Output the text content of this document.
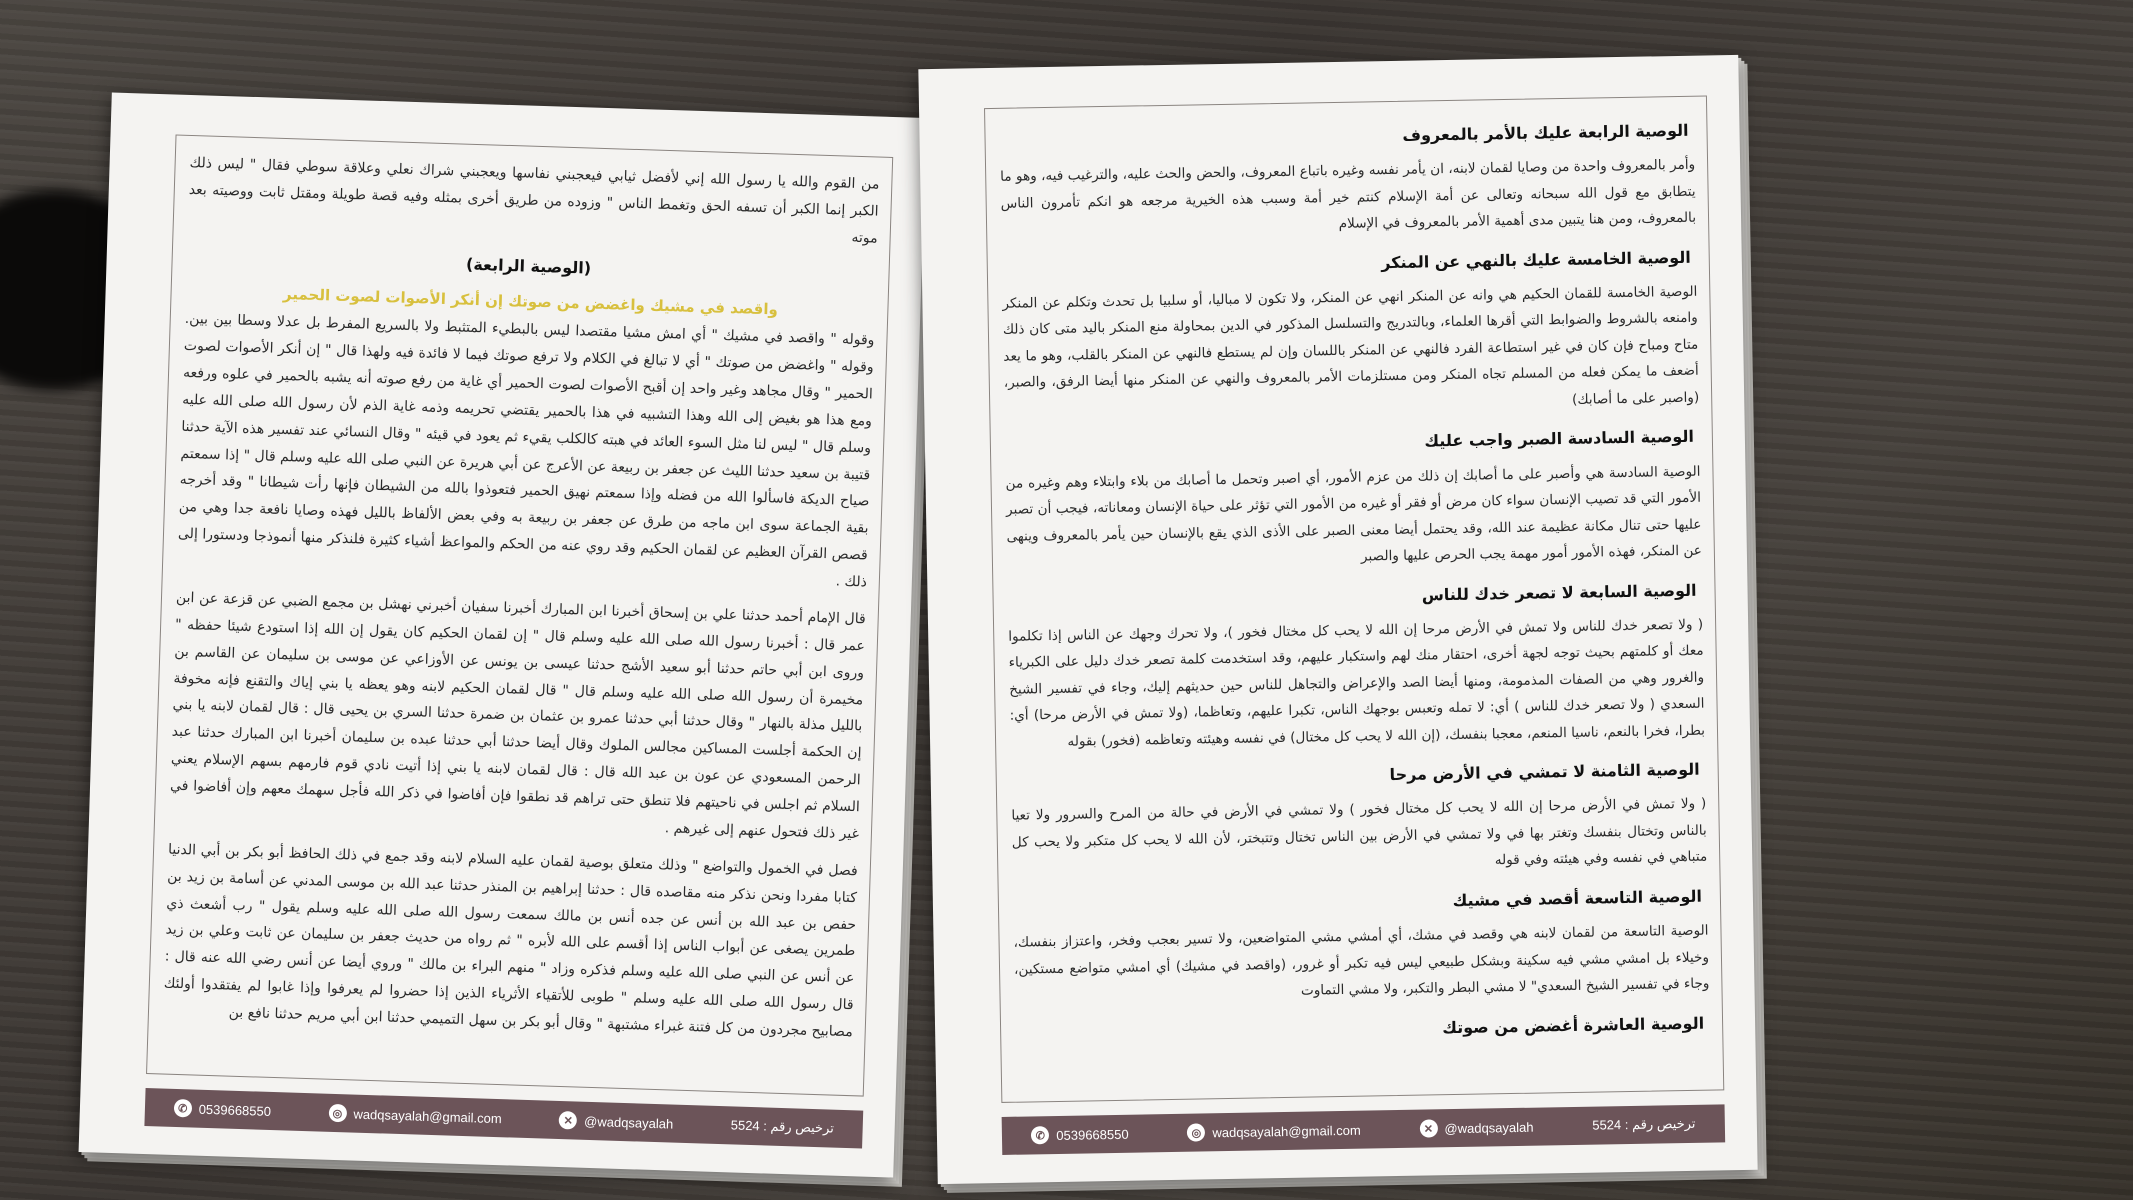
من القوم والله يا رسول الله إني لأفضل ثيابي فيعجبني نفاسها ويعجبني شراك نعلي وعلاقة سوطي فقال " ليس ذلك الكبر إنما الكبر أن تسفه الحق وتغمط الناس " وزوده من طريق أخرى بمثله وفيه قصة طويلة ومقتل ثابت ووصيته بعد موته

(الوصية الرابعة)
واقصد في مشيك واغضض من صوتك إن أنكر الأصوات لصوت الحمير

وقوله " واقصد في مشيك " أي امش مشيا مقتصدا ليس بالبطيء المتثبط ولا بالسريع المفرط بل عدلا وسطا بين بين. وقوله " واغضض من صوتك " أي لا تبالغ في الكلام ولا ترفع صوتك فيما لا فائدة فيه ولهذا قال " إن أنكر الأصوات لصوت الحمير " وقال مجاهد وغير واحد إن أقبح الأصوات لصوت الحمير أي غاية من رفع صوته أنه يشبه بالحمير في علوه ورفعه ومع هذا هو بغيض إلى الله وهذا التشبيه في هذا بالحمير يقتضي تحريمه وذمه غاية الذم لأن رسول الله صلى الله عليه وسلم قال " ليس لنا مثل السوء العائد في هبته كالكلب يقيء ثم يعود في قيئه " وقال النسائي عند تفسير هذه الآية حدثنا قتيبة بن سعيد حدثنا الليث عن جعفر بن ربيعة عن الأعرج عن أبي هريرة عن النبي صلى الله عليه وسلم قال " إذا سمعتم صياح الديكة فاسألوا الله من فضله وإذا سمعتم نهيق الحمير فتعوذوا بالله من الشيطان فإنها رأت شيطانا " وقد أخرجه بقية الجماعة سوى ابن ماجه من طرق عن جعفر بن ربيعة به وفي بعض الألفاظ بالليل فهذه وصايا نافعة جدا وهي من قصص القرآن العظيم عن لقمان الحكيم وقد روي عنه من الحكم والمواعظ أشياء كثيرة فلنذكر منها أنموذجا ودستورا إلى ذلك .

قال الإمام أحمد حدثنا علي بن إسحاق أخبرنا ابن المبارك أخبرنا سفيان أخبرني نهشل بن مجمع الضبي عن قزعة عن ابن عمر قال : أخبرنا رسول الله صلى الله عليه وسلم قال " إن لقمان الحكيم كان يقول إن الله إذا استودع شيئا حفظه " وروى ابن أبي حاتم حدثنا أبو سعيد الأشج حدثنا عيسى بن يونس عن الأوزاعي عن موسى بن سليمان عن القاسم بن مخيمرة أن رسول الله صلى الله عليه وسلم قال " قال لقمان الحكيم لابنه وهو يعظه يا بني إياك والتقنع فإنه مخوفة بالليل مذلة بالنهار " وقال حدثنا أبي حدثنا عمرو بن عثمان بن ضمرة حدثنا السري بن يحيى قال : قال لقمان لابنه يا بني إن الحكمة أجلست المساكين مجالس الملوك وقال أيضا حدثنا أبي حدثنا عبده بن سليمان أخبرنا ابن المبارك حدثنا عبد الرحمن المسعودي عن عون بن عبد الله قال : قال لقمان لابنه يا بني إذا أتيت نادي قوم فارمهم بسهم الإسلام يعني السلام ثم اجلس في ناحيتهم فلا تنطق حتى تراهم قد نطقوا فإن أفاضوا في ذكر الله فأجل سهمك معهم وإن أفاضوا في غير ذلك فتحول عنهم إلى غيرهم .

فصل في الخمول والتواضع " وذلك متعلق بوصية لقمان عليه السلام لابنه وقد جمع في ذلك الحافظ أبو بكر بن أبي الدنيا كتابا مفردا ونحن نذكر منه مقاصده قال : حدثنا إبراهيم بن المنذر حدثنا عبد الله بن موسى المدني عن أسامة بن زيد بن حفص بن عبد الله بن أنس عن جده أنس بن مالك سمعت رسول الله صلى الله عليه وسلم يقول " رب أشعث ذي طمرين يصغى عن أبواب الناس إذا أقسم على الله لأبره " ثم رواه من حديث جعفر بن سليمان عن ثابت وعلي بن زيد عن أنس عن النبي صلى الله عليه وسلم فذكره وزاد " منهم البراء بن مالك " وروي أيضا عن أنس رضي الله عنه قال : قال رسول الله صلى الله عليه وسلم " طوبى للأتقياء الأثرياء الذين إذا حضروا لم يعرفوا وإذا غابوا لم يفتقدوا أولئك مصابيح مجردون من كل فتنة غبراء مشتبهة " وقال أبو بكر بن سهل التميمي حدثنا ابن أبي مريم حدثنا نافع بن

✆ 0539668550	◎ wadqsayalah@gmail.com	✕ @wadqsayalah	ترخيص رقم : 5524
الوصية الرابعة عليك بالأمر بالمعروف

وأمر بالمعروف واحدة من وصايا لقمان لابنه، ان يأمر نفسه وغيره باتباع المعروف، والحض والحث عليه، والترغيب فيه، وهو ما يتطابق مع قول الله سبحانه وتعالى عن أمة الإسلام كنتم خير أمة وسبب هذه الخيرية مرجعه هو انكم تأمرون الناس بالمعروف، ومن هنا يتبين مدى أهمية الأمر بالمعروف في الإسلام

الوصية الخامسة عليك بالنهي عن المنكر

الوصية الخامسة للقمان الحكيم هي وانه عن المنكر انهي عن المنكر، ولا تكون لا مباليا، أو سلبيا بل تحدث وتكلم عن المنكر وامنعه بالشروط والضوابط التي أقرها العلماء، وبالتدريج والتسلسل المذكور في الدين بمحاولة منع المنكر باليد متى كان ذلك متاح ومباح فإن كان في غير استطاعة الفرد فالنهي عن المنكر باللسان وإن لم يستطع فالنهي عن المنكر بالقلب، وهو ما يعد أضعف ما يمكن فعله من المسلم تجاه المنكر ومن مستلزمات الأمر بالمعروف والنهي عن المنكر منها أيضا الرفق، والصبر، (واصبر على ما أصابك)

الوصية السادسة الصبر واجب عليك

الوصية السادسة هي وأصبر على ما أصابك إن ذلك من عزم الأمور، أي اصبر وتحمل ما أصابك من بلاء وابتلاء وهم وغيره من الأمور التي قد تصيب الإنسان سواء كان مرض أو فقر أو غيره من الأمور التي تؤثر على حياة الإنسان ومعاناته، فيجب أن تصبر عليها حتى تنال مكانة عظيمة عند الله، وقد يحتمل أيضا معنى الصبر على الأذى الذي يقع بالإنسان حين يأمر بالمعروف وينهى عن المنكر، فهذه الأمور أمور مهمة يجب الحرص عليها والصبر

الوصية السابعة لا تصعر خدك للناس

( ولا تصعر خدك للناس ولا تمش في الأرض مرحا إن الله لا يحب كل مختال فخور )، ولا تحرك وجهك عن الناس إذا تكلموا معك أو كلمتهم بحيث توجه لجهة أخرى، احتقار منك لهم واستكبار عليهم، وقد استخدمت كلمة تصعر خدك دليل على الكبرياء والغرور وهي من الصفات المذمومة، ومنها أيضا الصد والإعراض والتجاهل للناس حين حديثهم إليك، وجاء في تفسير الشيخ السعدي ( ولا تصعر خدك للناس ) أي: لا تمله وتعبس بوجهك الناس، تكبرا عليهم، وتعاظما، (ولا تمش في الأرض مرحا) أي: بطرا، فخرا بالنعم، ناسيا المنعم، معجبا بنفسك، (إن الله لا يحب كل مختال) في نفسه وهيئته وتعاظمه (فخور) بقوله

الوصية الثامنة لا تمشي في الأرض مرحا

( ولا تمش في الأرض مرحا إن الله لا يحب كل مختال فخور ) ولا تمشي في الأرض في حالة من المرح والسرور ولا تعيا بالناس وتختال بنفسك وتغتر بها في ولا تمشي في الأرض بين الناس تختال وتتبختر، لأن الله لا يحب كل متكبر ولا يحب كل متباهي في نفسه وفي هيئته وفي قوله

الوصية التاسعة أقصد في مشيك

الوصية التاسعة من لقمان لابنه هي وقصد في مشك، أي أمشي مشي المتواضعين، ولا تسير بعجب وفخر، واعتزاز بنفسك، وخيلاء بل امشي مشي فيه سكينة وبشكل طبيعي ليس فيه تكبر أو غرور، (واقصد في مشيك) أي امشي متواضع مستكين، وجاء في تفسير الشيخ السعدي" لا مشي البطر والتكبر، ولا مشي التماوت

الوصية العاشرة أغضض من صوتك
✆ 0539668550	◎ wadqsayalah@gmail.com	✕ @wadqsayalah	ترخيص رقم : 5524
